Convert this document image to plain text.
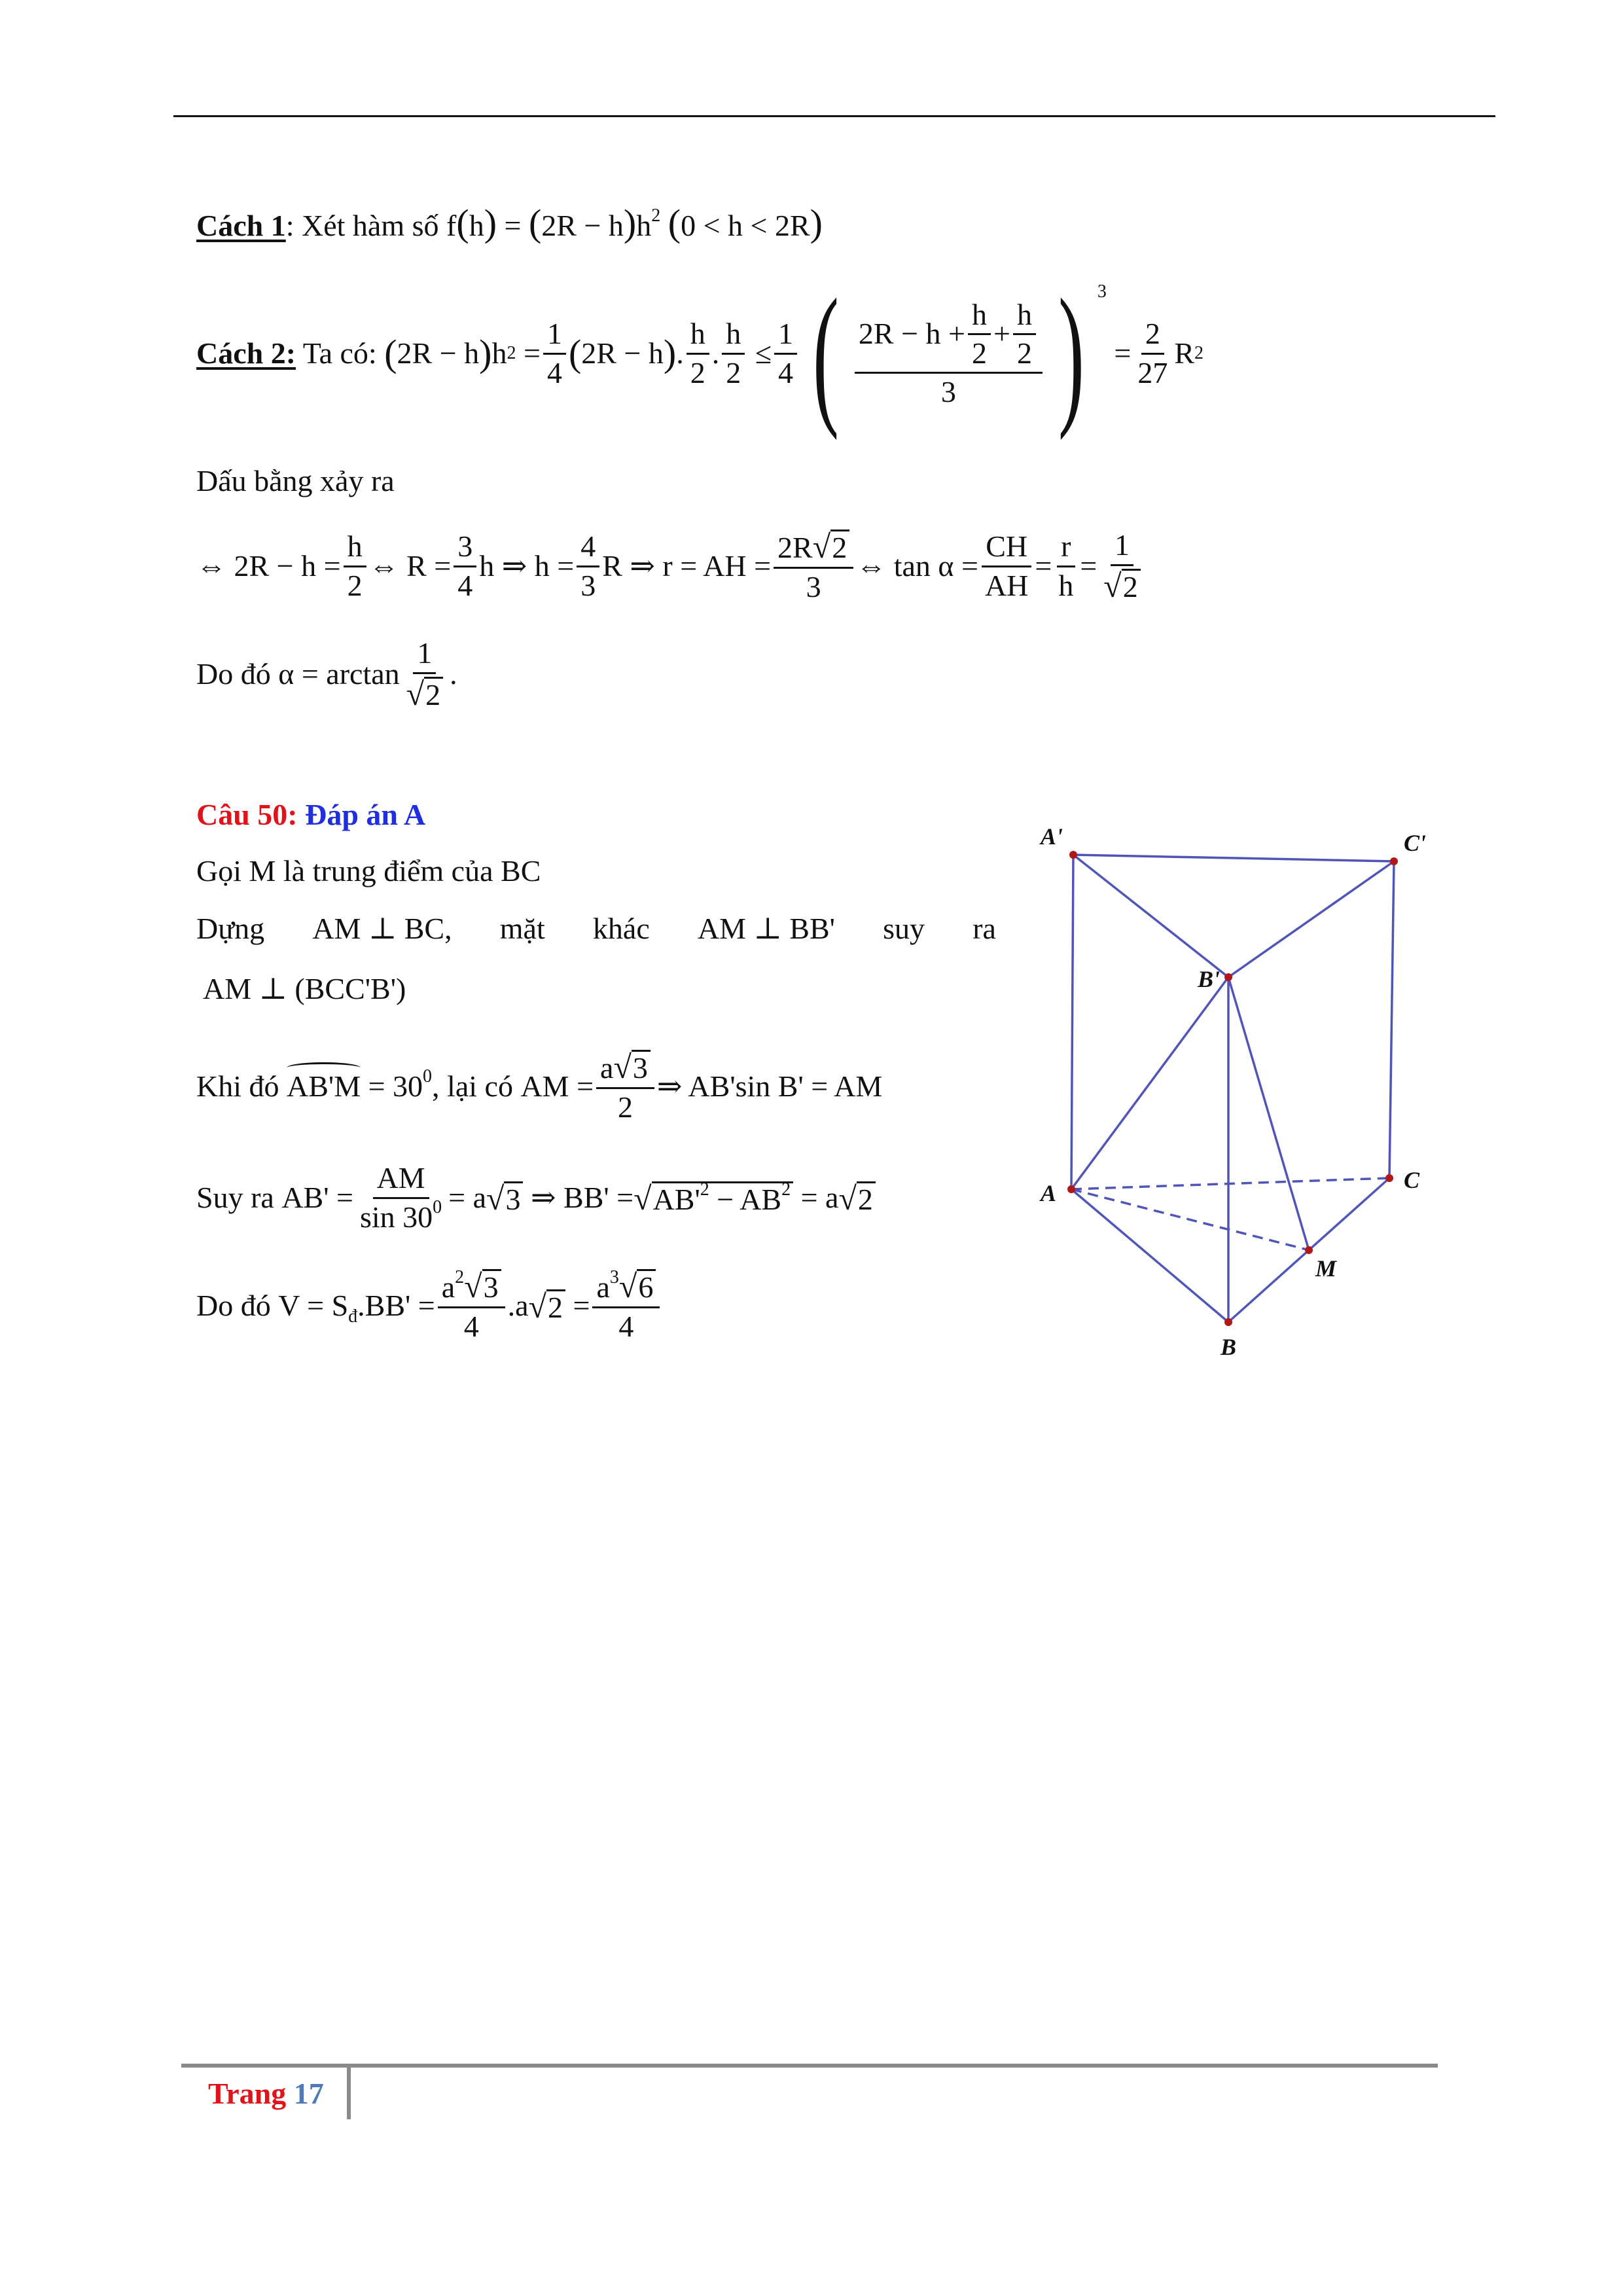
Cách 1: Xét hàm số $f(h) = (2R - h)h^2$ (0 < h < 2R)
Cách 2: Ta có: ( 2R − h ) h $2 = \frac{1}{4}$ ( 2R − h ) . $\frac{h}{2}$ . $\frac{h}{2} \le \frac{1}{4}$ ( $\frac{2R - h + \frac{h}{2} + \frac{h}{2}}{3}$ ) 3
= $\frac{2}{27}$ R 2
Dấu bằng xảy ra
⇔ $2R - h = \frac{h}{2}$ ⇔ $R = \frac{3}{4}$ h ⇒ $h = \frac{4}{3}$ R ⇒ r = AH = $\frac{2R √ 2}{3}$ ⇔ $\tan \alpha = \frac{CH}{AH} = \frac{r}{h} = \frac{1}{√ 2}$
Do đó $\alpha = \arctan \frac{1}{√ 2}$ .
Câu 50: Đáp án A
Gọi M là trung điểm của BC
Dựng AM ⊥ BC, mặt khác AM ⊥ BB' suy ra
AM ⊥ (BCC'B')
Khi đó $AB'M = 30^0$ , lại có AM = $\frac{a √ 3}{2}$ ⇒ AB'sin B' = AM
Suy ra $AB' = \frac{AM}{\sin 30^0} = a$ √ 3 ⇒ BB' = √ $AB'^2 - AB^2 = a$ √ 2
Do đó $V = S_đ.BB' = \frac{a^2 √ 3}{4} .a$ √ $2 = \frac{a^3 √ 6}{4}$
A'	C'
B'
A	C
M
B
Trang 17
